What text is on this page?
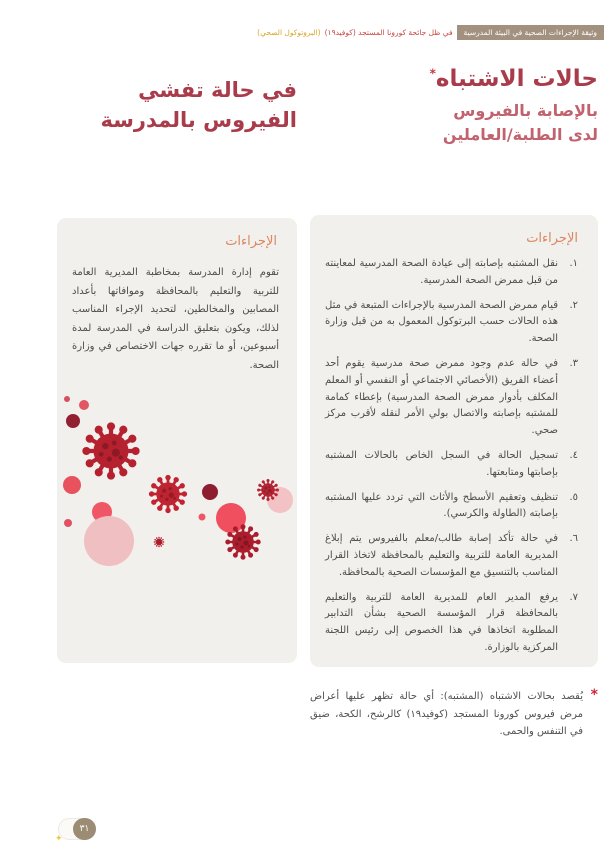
وثيقة الإجراءات الصحية في البيئة المدرسية
في ظل جائحة كورونا المستجد (كوفيد١٩)
(البروتوكول الصحي)
حالات الاشتباه*
بالإصابة بالفيروس
لدى الطلبة/العاملين
في حالة تفشي
الفيروس بالمدرسة
الإجراءات
١.
نقل المشتبه بإصابته إلى عيادة الصحة المدرسية لمعاينته من قبل ممرض الصحة المدرسية.
٢.
قيام ممرض الصحة المدرسية بالإجراءات المتبعة في مثل هذه الحالات حسب البرتوكول المعمول به من قبل وزارة الصحة.
٣.
في حالة عدم وجود ممرض صحة مدرسية يقوم أحد أعضاء الفريق (الأخصائي الاجتماعي أو النفسي أو المعلم المكلف بأدوار ممرض الصحة المدرسية) بإعطاء كمامة للمشتبه بإصابته والاتصال بولي الأمر لنقله لأقرب مركز صحي.
٤.
تسجيل الحالة في السجل الخاص بالحالات المشتبه بإصابتها ومتابعتها.
٥.
تنظيف وتعقيم الأسطح والأثاث التي تردد عليها المشتبه بإصابته (الطاولة والكرسي).
٦.
في حالة تأكد إصابة طالب/معلم بالفيروس يتم إبلاغ المديرية العامة للتربية والتعليم بالمحافظة لاتخاذ القرار المناسب بالتنسيق مع المؤسسات الصحية بالمحافظة.
٧.
يرفع المدير العام للمديرية العامة للتربية والتعليم بالمحافظة قرار المؤسسة الصحية بشأن التدابير المطلوبة اتخاذها في هذا الخصوص إلى رئيس اللجنة المركزية بالوزارة.
الإجراءات
تقوم إدارة المدرسة بمخاطبة المديرية العامة للتربية والتعليم بالمحافظة وموافاتها بأعداد المصابين والمخالطين، لتحديد الإجراء المناسب لذلك، ويكون بتعليق الدراسة في المدرسة لمدة أسبوعين، أو ما تقرره جهات الاختصاص في وزارة الصحة.
*
يُقصد بحالات الاشتباه (المشتبه): أي حالة تظهر عليها أعراض مرض فيروس كورونا المستجد (كوفيد١٩) كالرشح، الكحة، ضيق في التنفس والحمى.
٣١
✦
